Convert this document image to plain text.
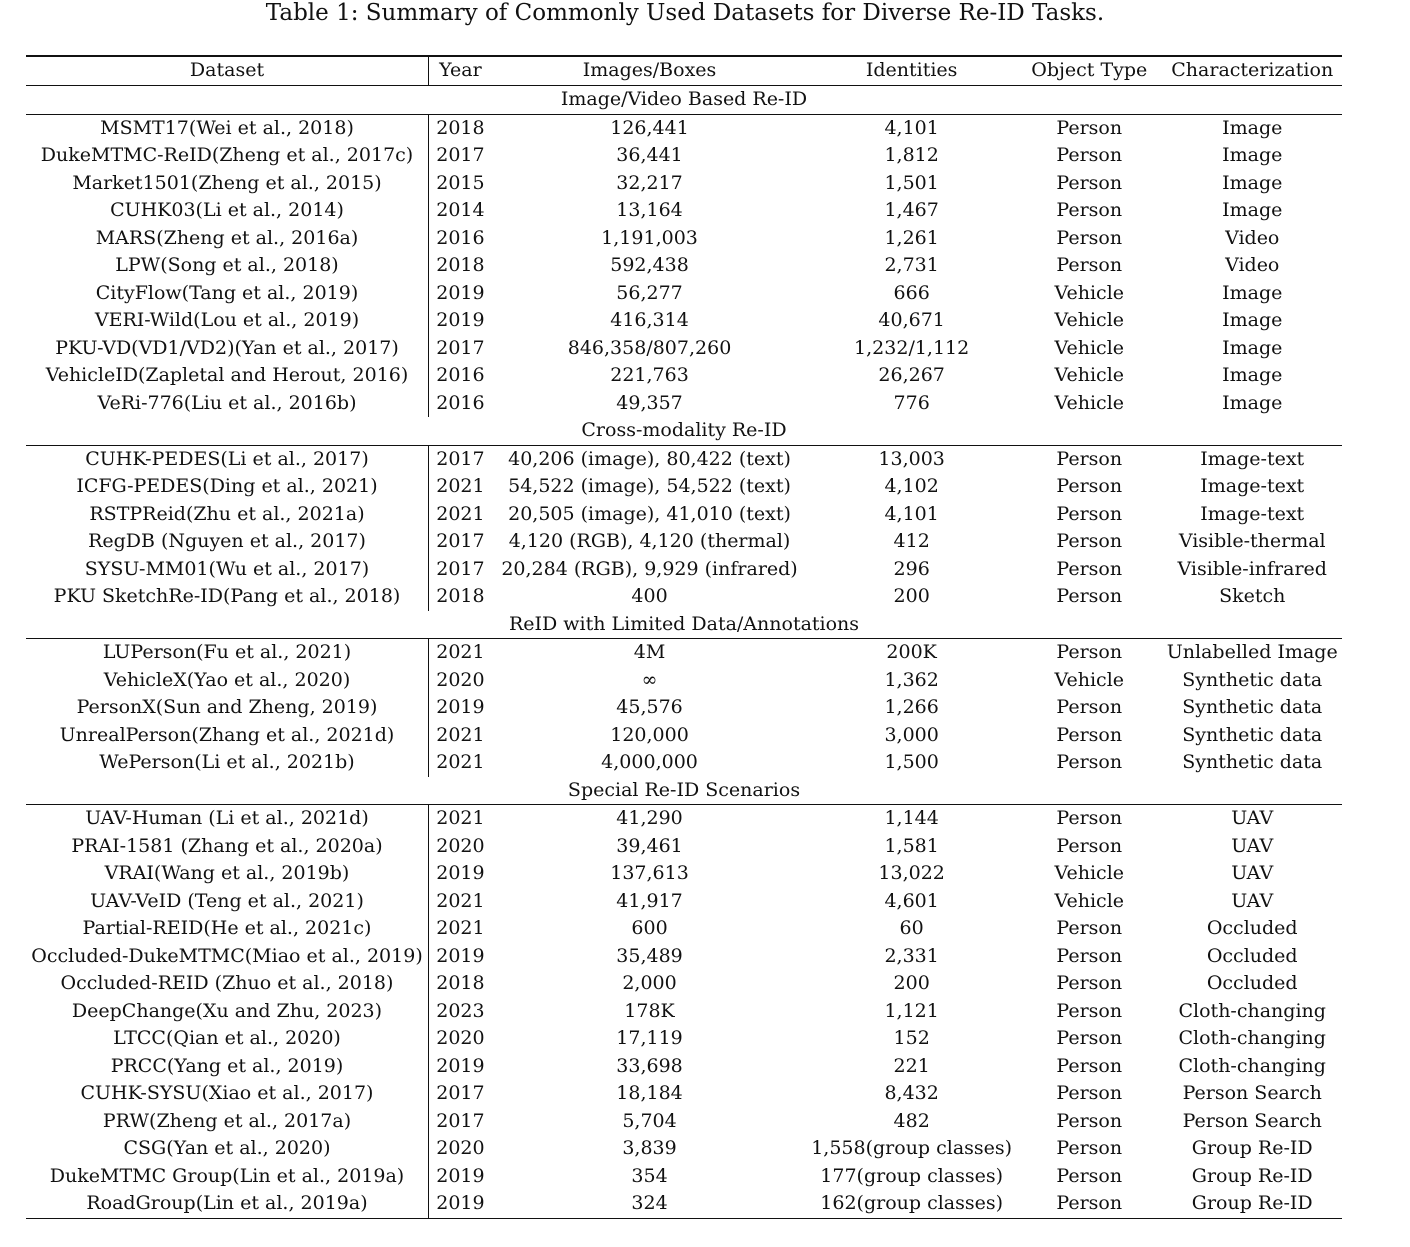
Table 1: Summary of Commonly Used Datasets for Diverse Re-ID Tasks.
Dataset	Year	Images/Boxes	Identities	Object Type	Characterization
Image/Video Based Re-ID					
MSMT17(Wei et al., 2018)	2018	126,441	4,101	Person	Image
DukeMTMC-ReID(Zheng et al., 2017c)	2017	36,441	1,812	Person	Image
Market1501(Zheng et al., 2015)	2015	32,217	1,501	Person	Image
CUHK03(Li et al., 2014)	2014	13,164	1,467	Person	Image
MARS(Zheng et al., 2016a)	2016	1,191,003	1,261	Person	Video
LPW(Song et al., 2018)	2018	592,438	2,731	Person	Video
CityFlow(Tang et al., 2019)	2019	56,277	666	Vehicle	Image
VERI-Wild(Lou et al., 2019)	2019	416,314	40,671	Vehicle	Image
PKU-VD(VD1/VD2)(Yan et al., 2017)	2017	846,358/807,260	1,232/1,112	Vehicle	Image
VehicleID(Zapletal and Herout, 2016)	2016	221,763	26,267	Vehicle	Image
VeRi-776(Liu et al., 2016b)	2016	49,357	776	Vehicle	Image
Cross-modality Re-ID					
CUHK-PEDES(Li et al., 2017)	2017	40,206 (image), 80,422 (text)	13,003	Person	Image-text
ICFG-PEDES(Ding et al., 2021)	2021	54,522 (image), 54,522 (text)	4,102	Person	Image-text
RSTPReid(Zhu et al., 2021a)	2021	20,505 (image), 41,010 (text)	4,101	Person	Image-text
RegDB (Nguyen et al., 2017)	2017	4,120 (RGB), 4,120 (thermal)	412	Person	Visible-thermal
SYSU-MM01(Wu et al., 2017)	2017	20,284 (RGB), 9,929 (infrared)	296	Person	Visible-infrared
PKU SketchRe-ID(Pang et al., 2018)	2018	400	200	Person	Sketch
ReID with Limited Data/Annotations					
LUPerson(Fu et al., 2021)	2021	4M	200K	Person	Unlabelled Image
VehicleX(Yao et al., 2020)	2020	∞	1,362	Vehicle	Synthetic data
PersonX(Sun and Zheng, 2019)	2019	45,576	1,266	Person	Synthetic data
UnrealPerson(Zhang et al., 2021d)	2021	120,000	3,000	Person	Synthetic data
WePerson(Li et al., 2021b)	2021	4,000,000	1,500	Person	Synthetic data
Special Re-ID Scenarios					
UAV-Human (Li et al., 2021d)	2021	41,290	1,144	Person	UAV
PRAI-1581 (Zhang et al., 2020a)	2020	39,461	1,581	Person	UAV
VRAI(Wang et al., 2019b)	2019	137,613	13,022	Vehicle	UAV
UAV-VeID (Teng et al., 2021)	2021	41,917	4,601	Vehicle	UAV
Partial-REID(He et al., 2021c)	2021	600	60	Person	Occluded
Occluded-DukeMTMC(Miao et al., 2019)	2019	35,489	2,331	Person	Occluded
Occluded-REID (Zhuo et al., 2018)	2018	2,000	200	Person	Occluded
DeepChange(Xu and Zhu, 2023)	2023	178K	1,121	Person	Cloth-changing
LTCC(Qian et al., 2020)	2020	17,119	152	Person	Cloth-changing
PRCC(Yang et al., 2019)	2019	33,698	221	Person	Cloth-changing
CUHK-SYSU(Xiao et al., 2017)	2017	18,184	8,432	Person	Person Search
PRW(Zheng et al., 2017a)	2017	5,704	482	Person	Person Search
CSG(Yan et al., 2020)	2020	3,839	1,558(group classes)	Person	Group Re-ID
DukeMTMC Group(Lin et al., 2019a)	2019	354	177(group classes)	Person	Group Re-ID
RoadGroup(Lin et al., 2019a)	2019	324	162(group classes)	Person	Group Re-ID
